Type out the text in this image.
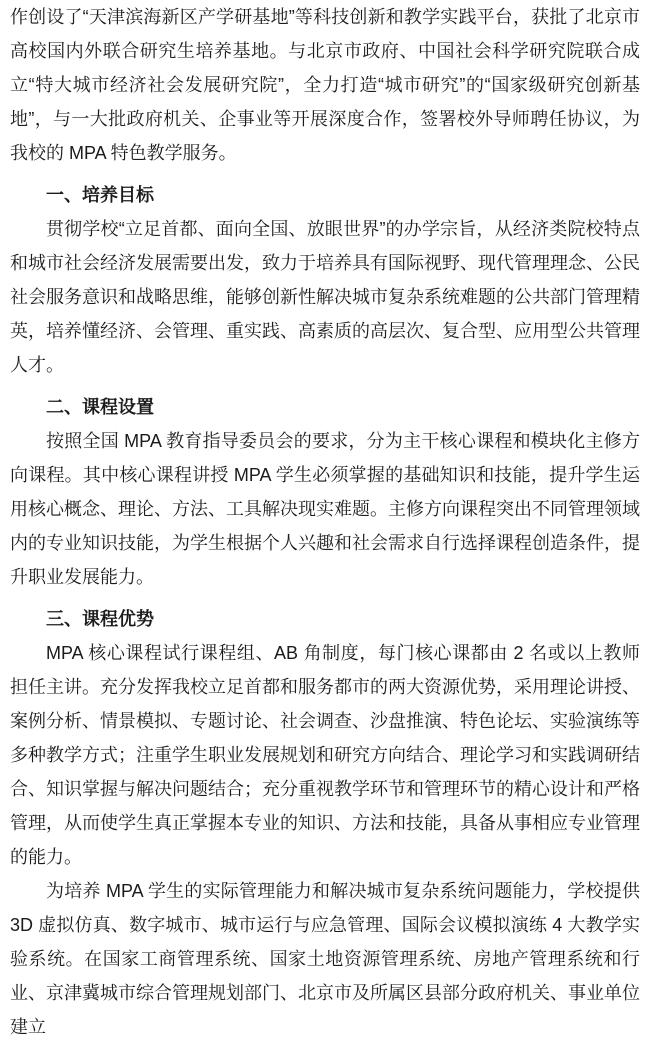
作创设了“天津滨海新区产学研基地”等科技创新和教学实践平台，获批了北京市高校国内外联合研究生培养基地。与北京市政府、中国社会科学研究院联合成立“特大城市经济社会发展研究院”，全力打造“城市研究”的“国家级研究创新基地”，与一大批政府机关、企事业等开展深度合作，签署校外导师聘任协议，为我校的 MPA 特色教学服务。

一、培养目标

贯彻学校“立足首都、面向全国、放眼世界”的办学宗旨，从经济类院校特点和城市社会经济发展需要出发，致力于培养具有国际视野、现代管理理念、公民社会服务意识和战略思维，能够创新性解决城市复杂系统难题的公共部门管理精英，培养懂经济、会管理、重实践、高素质的高层次、复合型、应用型公共管理人才。

二、课程设置

按照全国 MPA 教育指导委员会的要求，分为主干核心课程和模块化主修方向课程。其中核心课程讲授 MPA 学生必须掌握的基础知识和技能，提升学生运用核心概念、理论、方法、工具解决现实难题。主修方向课程突出不同管理领域内的专业知识技能，为学生根据个人兴趣和社会需求自行选择课程创造条件，提升职业发展能力。

三、课程优势

MPA 核心课程试行课程组、AB 角制度，每门核心课都由 2 名或以上教师担任主讲。充分发挥我校立足首都和服务都市的两大资源优势，采用理论讲授、案例分析、情景模拟、专题讨论、社会调查、沙盘推演、特色论坛、实验演练等多种教学方式；注重学生职业发展规划和研究方向结合、理论学习和实践调研结合、知识掌握与解决问题结合；充分重视教学环节和管理环节的精心设计和严格管理，从而使学生真正掌握本专业的知识、方法和技能，具备从事相应专业管理的能力。

为培养 MPA 学生的实际管理能力和解决城市复杂系统问题能力，学校提供 3D 虚拟仿真、数字城市、城市运行与应急管理、国际会议模拟演练 4 大教学实验系统。在国家工商管理系统、国家土地资源管理系统、房地产管理系统和行业、京津冀城市综合管理规划部门、北京市及所属区县部分政府机关、事业单位建立
